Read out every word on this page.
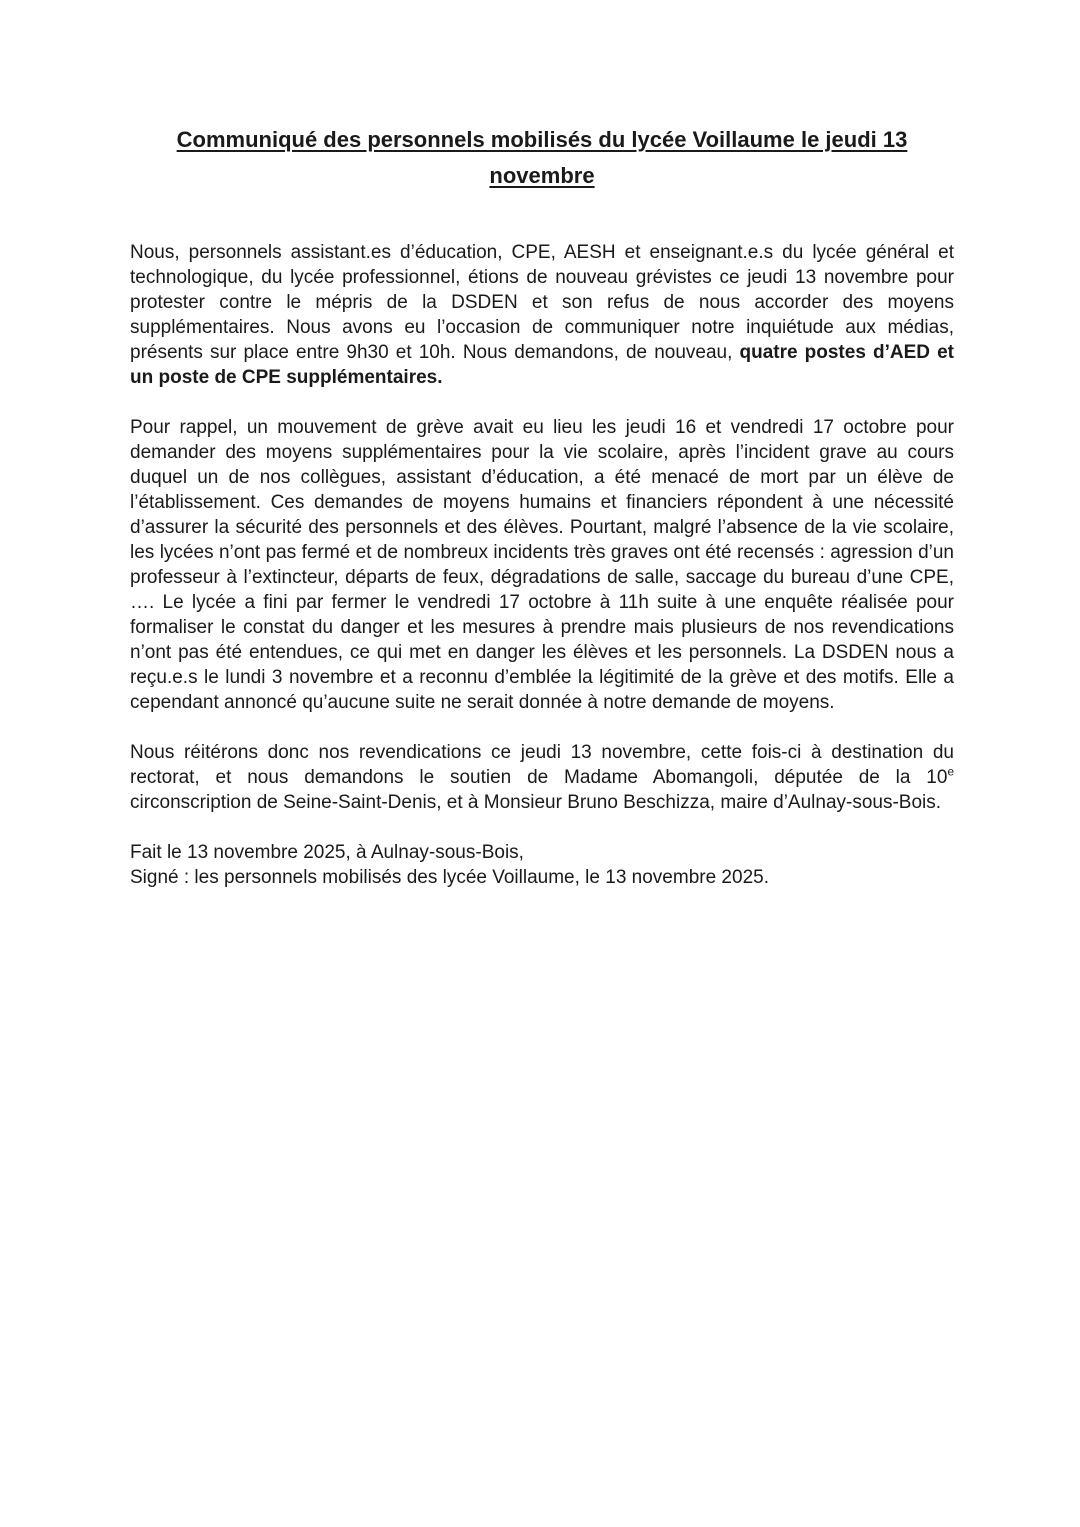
Communiqué des personnels mobilisés du lycée Voillaume le jeudi 13
novembre

Nous, personnels assistant.es d’éducation, CPE, AESH et enseignant.e.s du lycée général et technologique, du lycée professionnel, étions de nouveau grévistes ce jeudi 13 novembre pour protester contre le mépris de la DSDEN et son refus de nous accorder des moyens supplémentaires. Nous avons eu l’occasion de communiquer notre inquiétude aux médias, présents sur place entre 9h30 et 10h. Nous demandons, de nouveau, quatre postes d’AED et un poste de CPE supplémentaires.

Pour rappel, un mouvement de grève avait eu lieu les jeudi 16 et vendredi 17 octobre pour demander des moyens supplémentaires pour la vie scolaire, après l’incident grave au cours duquel un de nos collègues, assistant d’éducation, a été menacé de mort par un élève de l’établissement. Ces demandes de moyens humains et financiers répondent à une nécessité d’assurer la sécurité des personnels et des élèves. Pourtant, malgré l’absence de la vie scolaire, les lycées n’ont pas fermé et de nombreux incidents très graves ont été recensés : agression d’un professeur à l’extincteur, départs de feux, dégradations de salle, saccage du bureau d’une CPE, …. Le lycée a fini par fermer le vendredi 17 octobre à 11h suite à une enquête réalisée pour formaliser le constat du danger et les mesures à prendre mais plusieurs de nos revendications n’ont pas été entendues, ce qui met en danger les élèves et les personnels. La DSDEN nous a reçu.e.s le lundi 3 novembre et a reconnu d’emblée la légitimité de la grève et des motifs. Elle a cependant annoncé qu’aucune suite ne serait donnée à notre demande de moyens.

Nous réitérons donc nos revendications ce jeudi 13 novembre, cette fois-ci à destination du rectorat, et nous demandons le soutien de Madame Abomangoli, députée de la 10e circonscription de Seine-Saint-Denis, et à Monsieur Bruno Beschizza, maire d’Aulnay-sous-Bois.

Fait le 13 novembre 2025, à Aulnay-sous-Bois,
Signé : les personnels mobilisés des lycée Voillaume, le 13 novembre 2025.
